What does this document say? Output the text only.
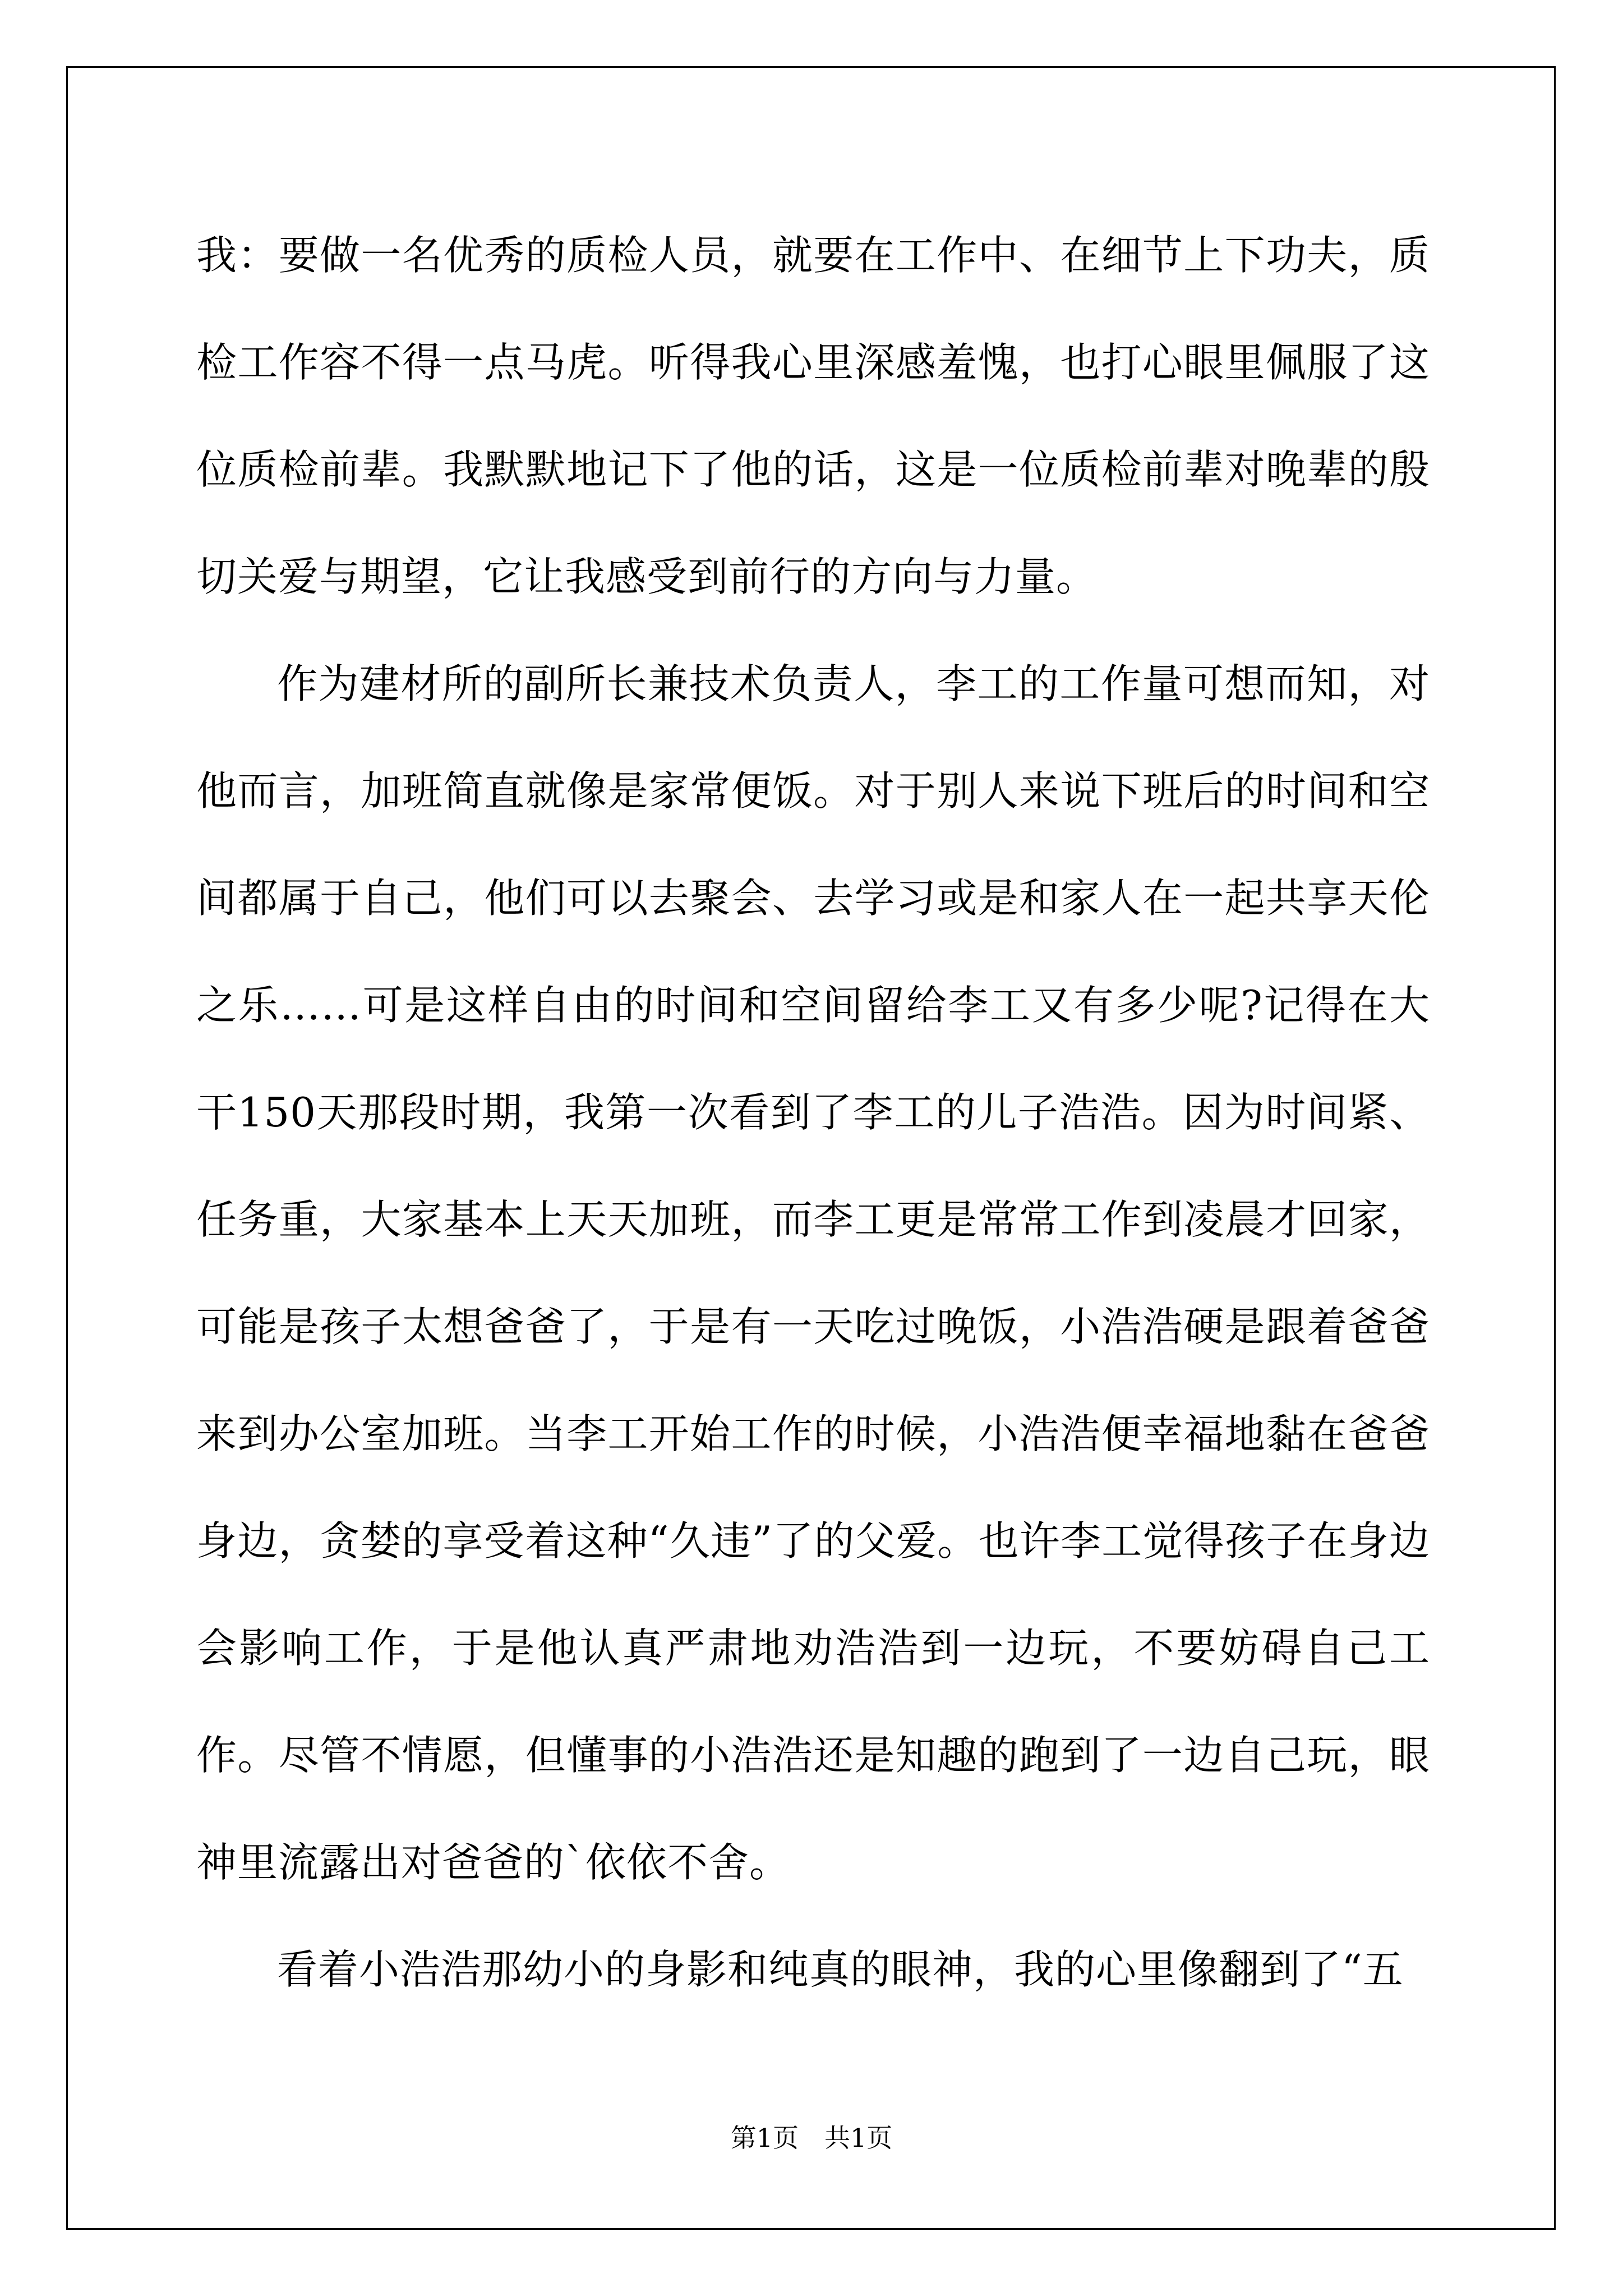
我：要做一名优秀的质检人员，就要在工作中、在细节上下功夫，质检工作容不得一点马虎。听得我心里深感羞愧，也打心眼里佩服了这位质检前辈。我默默地记下了他的话，这是一位质检前辈对晚辈的殷切关爱与期望，它让我感受到前行的方向与力量。

作为建材所的副所长兼技术负责人，李工的工作量可想而知，对他而言，加班简直就像是家常便饭。对于别人来说下班后的时间和空间都属于自己，他们可以去聚会、去学习或是和家人在一起共享天伦之乐……可是这样自由的时间和空间留给李工又有多少呢?记得在大干150天那段时期，我第一次看到了李工的儿子浩浩。因为时间紧、任务重，大家基本上天天加班，而李工更是常常工作到凌晨才回家，可能是孩子太想爸爸了，于是有一天吃过晚饭，小浩浩硬是跟着爸爸来到办公室加班。当李工开始工作的时候，小浩浩便幸福地黏在爸爸身边，贪婪的享受着这种“久违”了的父爱。也许李工觉得孩子在身边会影响工作，于是他认真严肃地劝浩浩到一边玩，不要妨碍自己工作。尽管不情愿，但懂事的小浩浩还是知趣的跑到了一边自己玩，眼神里流露出对爸爸的`依依不舍。

看着小浩浩那幼小的身影和纯真的眼神，我的心里像翻到了“五

第1页　共1页
